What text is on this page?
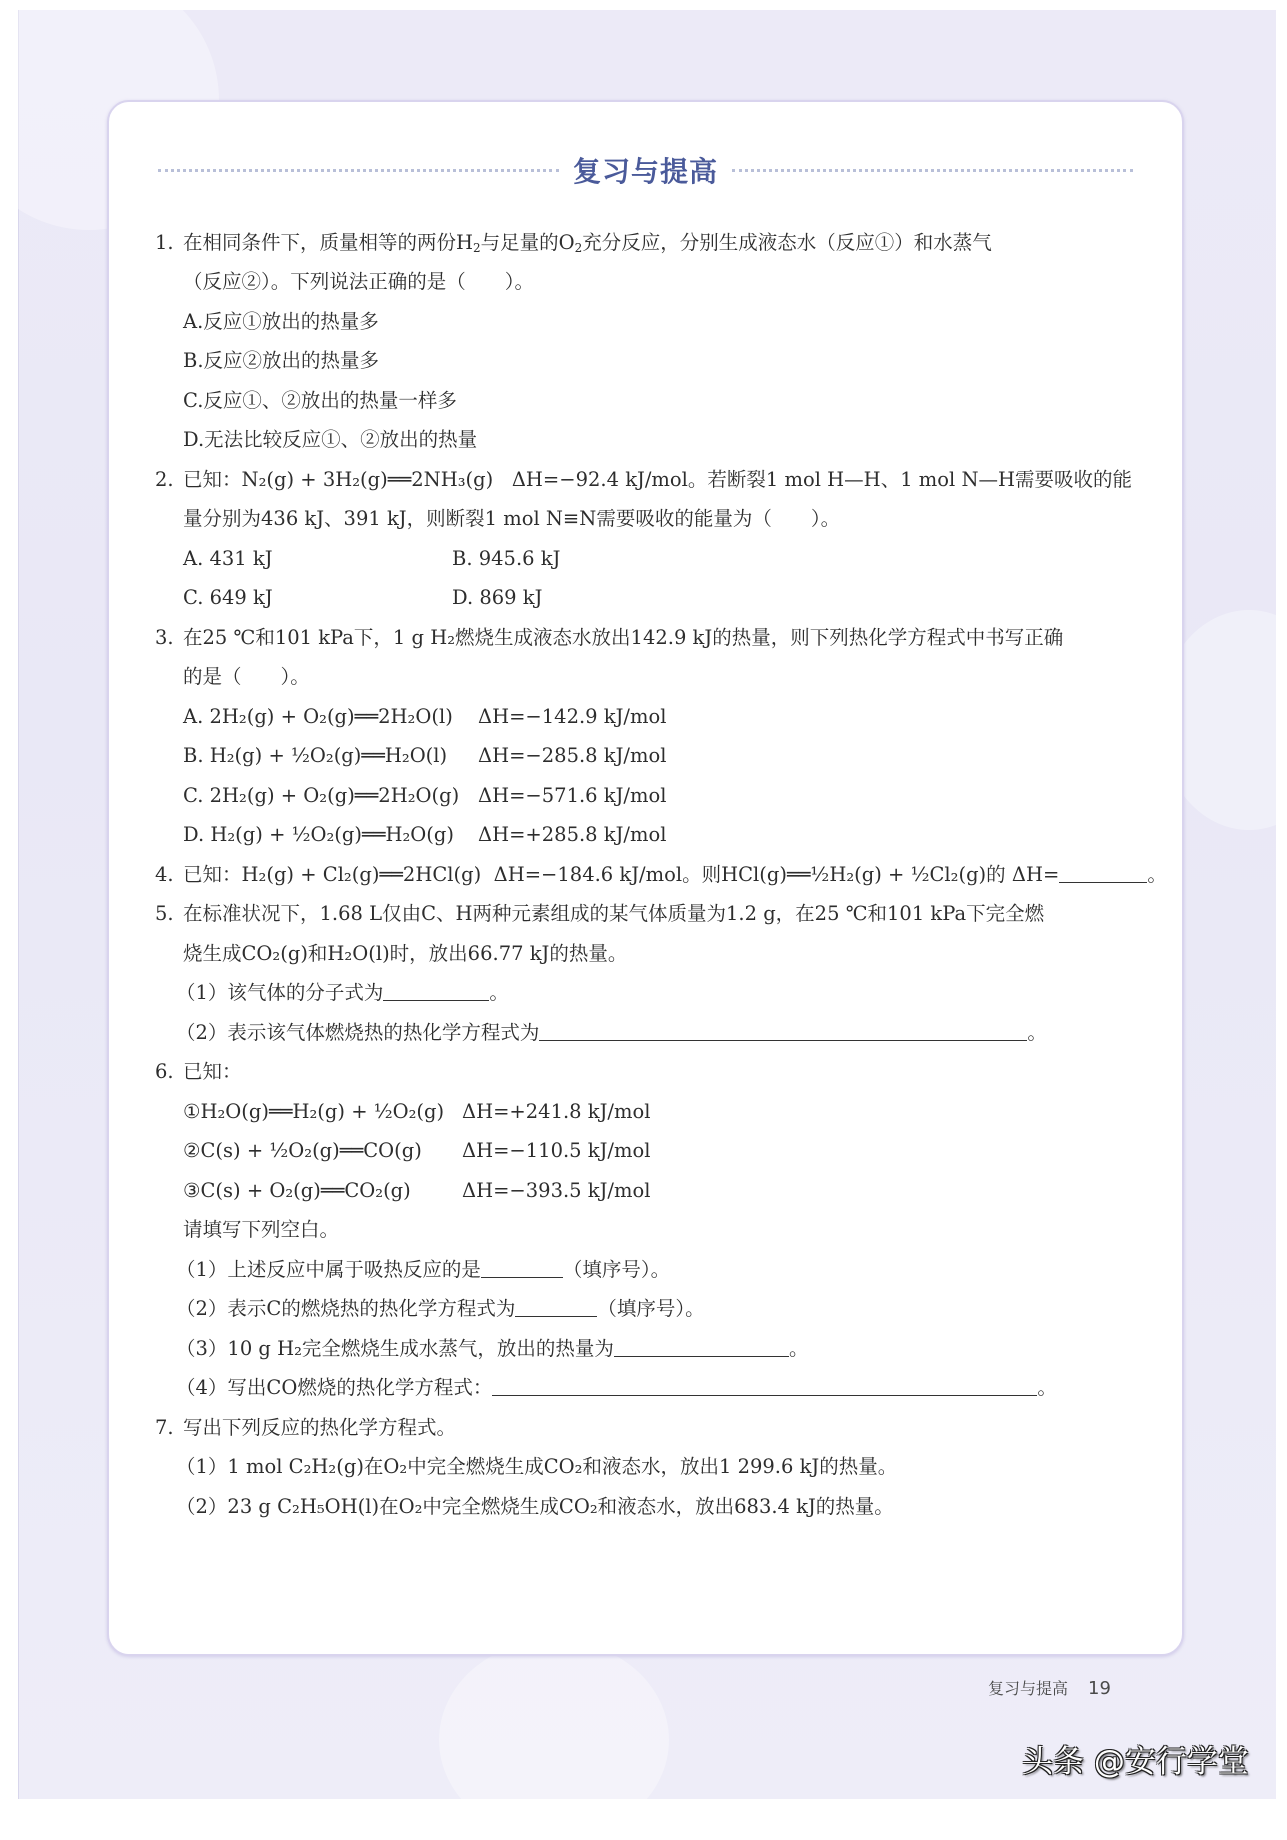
复习与提高
1. 在相同条件下，质量相等的两份$H_2$与足量的$O_2$充分反应，分别生成液态水（反应①）和水蒸气
（反应②）。下列说法正确的是（　　）。
A.反应①放出的热量多
B.反应②放出的热量多
C.反应①、②放出的热量一样多
D.无法比较反应①、②放出的热量
2. 已知：N₂(g) + 3H₂(g)══2NH₃(g) ΔH=−92.4 kJ/mol。若断裂1 mol H—H、1 mol N—H需要吸收的能
量分别为436 kJ、391 kJ，则断裂1 mol N≡N需要吸收的能量为（　　）。
A. 431 kJ	B. 945.6 kJ
C. 649 kJ	D. 869 kJ
3. 在25 ℃和101 kPa下，1 g H₂燃烧生成液态水放出142.9 kJ的热量，则下列热化学方程式中书写正确
的是（　　）。
A. 2H₂(g) + O₂(g)══2H₂O(l) ΔH=−142.9 kJ/mol
B. H₂(g) + ½O₂(g)══H₂O(l) ΔH=−285.8 kJ/mol
C. 2H₂(g) + O₂(g)══2H₂O(g) ΔH=−571.6 kJ/mol
D. H₂(g) + ½O₂(g)══H₂O(g) ΔH=+285.8 kJ/mol
4. 已知：H₂(g) + Cl₂(g)══2HCl(g) ΔH=−184.6 kJ/mol。则HCl(g)══½H₂(g) + ½Cl₂(g)的 ΔH=	。
5. 在标准状况下，1.68 L仅由C、H两种元素组成的某气体质量为1.2 g，在25 ℃和101 kPa下完全燃
烧生成CO₂(g)和H₂O(l)时，放出66.77 kJ的热量。
（1）该气体的分子式为	。
（2）表示该气体燃烧热的热化学方程式为	。
6. 已知：
①H₂O(g)══H₂(g) + ½O₂(g) ΔH=+241.8 kJ/mol
②C(s) + ½O₂(g)══CO(g) ΔH=−110.5 kJ/mol
③C(s) + O₂(g)══CO₂(g)	ΔH=−393.5 kJ/mol
请填写下列空白。
（1）上述反应中属于吸热反应的是	（填序号）。
（2）表示C的燃烧热的热化学方程式为	（填序号）。
（3）10 g H₂完全燃烧生成水蒸气，放出的热量为	。
（4）写出CO燃烧的热化学方程式：	。
7. 写出下列反应的热化学方程式。
（1）1 mol C₂H₂(g)在O₂中完全燃烧生成CO₂和液态水，放出1 299.6 kJ的热量。
（2）23 g C₂H₅OH(l)在O₂中完全燃烧生成CO₂和液态水，放出683.4 kJ的热量。
复习与提高 19
头条 @安行学堂
